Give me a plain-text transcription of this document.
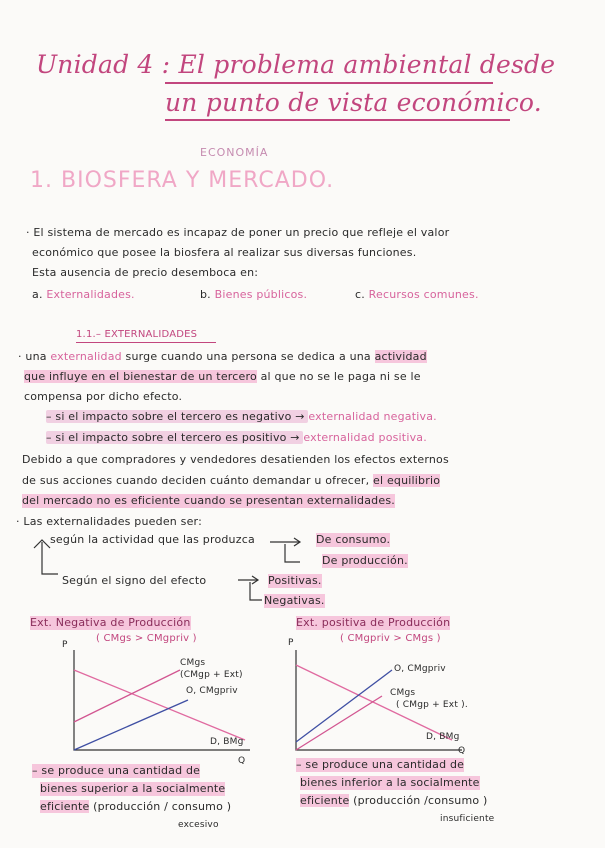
Unidad 4 : El problema ambiental desde
un punto de vista económico.
ECONOMÍA
1. BIOSFERA Y MERCADO.
· El sistema de mercado es incapaz de poner un precio que refleje el valor
económico que posee la biosfera al realizar sus diversas funciones.
Esta ausencia de precio desemboca en:
a. Externalidades.	b. Bienes públicos.	c. Recursos comunes.
1.1.– EXTERNALIDADES
· una externalidad surge cuando una persona se dedica a una actividad
que influye en el bienestar de un tercero al que no se le paga ni se le
compensa por dicho efecto.
– si el impacto sobre el tercero es negativo → externalidad negativa.
– si el impacto sobre el tercero es positivo → externalidad positiva.
Debido a que compradores y vendedores desatienden los efectos externos
de sus acciones cuando deciden cuánto demandar u ofrecer, el equilibrio
del mercado no es eficiente cuando se presentan externalidades.
· Las externalidades pueden ser:
según la actividad que las produzca	De consumo.
De producción.
Según el signo del efecto	Positivas.
Negativas.
Ext. Negativa de Producción
( CMgs > CMgpriv )
P
Q
CMgs
(CMgp + Ext)
O, CMgpriv
D, BMg
– se produce una cantidad de
bienes superior a la socialmente
eficiente (producción / consumo )
excesivo
Ext. positiva de Producción
( CMgpriv > CMgs )
P
Q
O, CMgpriv
CMgs
( CMgp + Ext ).
D, BMg
– se produce una cantidad de
bienes inferior a la socialmente
eficiente (producción /consumo )
insuficiente
